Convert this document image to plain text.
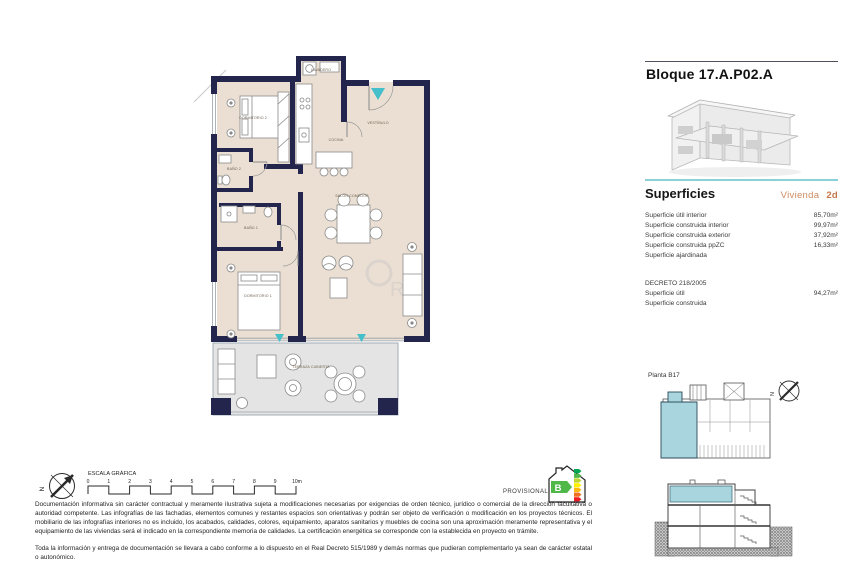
DORMITORIO 2
LAVADERO
VESTÍBULO
COCINA
BAÑO 2
BAÑO 1
DORMITORIO 1
SALÓN COMEDOR
TERRAZA CUBIERTA
R
N
ESCALA GRÁFICA
0	1	2	3	4	5	6	7	8	9	10m
B
Planta B17
N
Bloque 17.A.P02.A
Superficies	Vivienda 2d
Superficie útil interior	85,70m²
Superficie construida interior	99,97m²
Superficie construida exterior	37,92m²
Superficie construida ppZC	16,33m²
Superficie ajardinada
DECRETO 218/2005
Superficie útil	94,27m²
Superficie construida
PROVISIONAL
Documentación informativa sin carácter contractual y meramente ilustrativa sujeta a modificaciones necesarias por exigencias de orden técnico, jurídico o comercial de la dirección facultativa o autoridad competente. Las infografías de las fachadas, elementos comunes y restantes espacios son orientativas y podrán ser objeto de verificación o modificación en los proyectos técnicos. El mobiliario de las infografías interiores no es incluido, los acabados, calidades, colores, equipamiento, aparatos sanitarios y muebles de cocina son una aproximación meramente representativa y el equipamiento de las viviendas será el indicado en la correspondiente memoria de calidades. La certificación energética se corresponde con la establecida en proyecto en trámite.
Toda la información y entrega de documentación se llevara a cabo conforme a lo dispuesto en el Real Decreto 515/1989 y demás normas que pudieran complementarlo ya sean de carácter estatal o autonómico.
